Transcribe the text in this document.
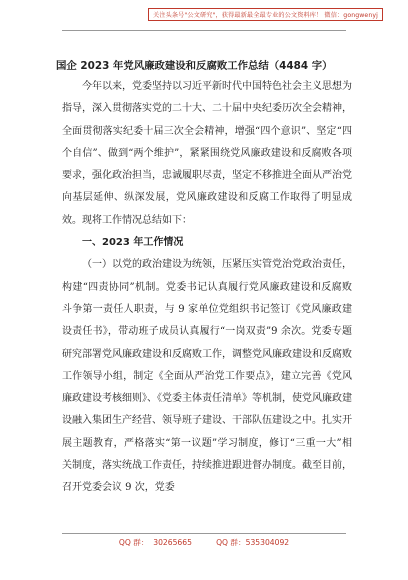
关注头条号"公文研究"，获得最新最全最专业的公文资料库！ 微信：gongwenyj
国企 2023 年党风廉政建设和反腐败工作总结（4484 字）

今年以来，党委坚持以习近平新时代中国特色社会主义思想为指导，深入贯彻落实党的二十大、二十届中央纪委历次全会精神，全面贯彻落实纪委十届三次全会精神，增强“四个意识”、坚定“四个自信”、做到“两个维护”，紧紧围绕党风廉政建设和反腐败各项要求，强化政治担当，忠诚履职尽责，坚定不移推进全面从严治党向基层延伸、纵深发展，党风廉政建设和反腐工作取得了明显成效。现将工作情况总结如下：

一、2023 年工作情况

（一）以党的政治建设为统领，压紧压实管党治党政治责任，构建“四责协同”机制。党委书记认真履行党风廉政建设和反腐败斗争第一责任人职责，与 9 家单位党组织书记签订《党风廉政建设责任书》，带动班子成员认真履行“一岗双责”9 余次。党委专题研究部署党风廉政建设和反腐败工作，调整党风廉政建设和反腐败工作领导小组，制定《全面从严治党工作要点》，建立完善《党风廉政建设考核细则》、《党委主体责任清单》等机制，使党风廉政建设融入集团生产经营、领导班子建设、干部队伍建设之中。扎实开展主题教育，严格落实“第一议题”学习制度，修订“三重一大”相关制度，落实统战工作责任，持续推进跟进督办制度。截至目前，召开党委会议 9 次，党委

QQ 群：  30265665          QQ 群：535304092
